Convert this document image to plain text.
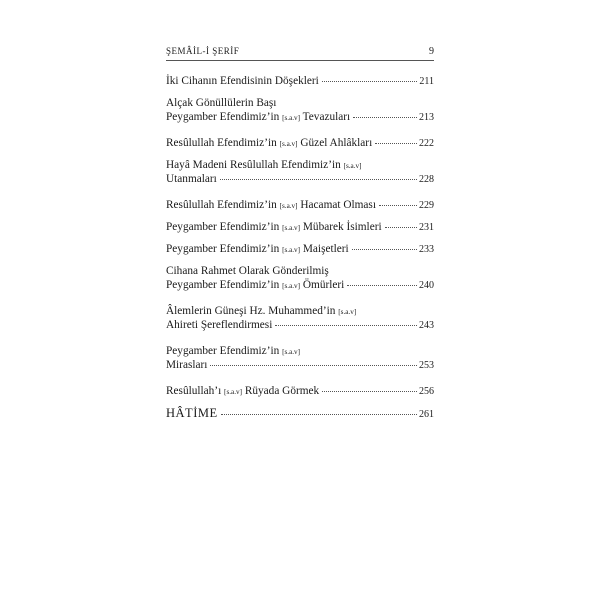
ŞEMÂİL-İ ŞERİF	9
İki Cihanın Efendisinin Döşekleri	211
Alçak Gönüllülerin Başı
Peygamber Efendimiz’in [s.a.v] Tevazuları	213
Resûlullah Efendimiz’in [s.a.v] Güzel Ahlâkları	222
Hayâ Madeni Resûlullah Efendimiz’in [s.a.v]
Utanmaları	228
Resûlullah Efendimiz’in [s.a.v] Hacamat Olması	229
Peygamber Efendimiz’in [s.a.v] Mübarek İsimleri	231
Peygamber Efendimiz’in [s.a.v] Maişetleri	233
Cihana Rahmet Olarak Gönderilmiş
Peygamber Efendimiz’in [s.a.v] Ömürleri	240
Âlemlerin Güneşi Hz. Muhammed’in [s.a.v]
Ahireti Şereflendirmesi	243
Peygamber Efendimiz’in [s.a.v]
Mirasları	253
Resûlullah’ı [s.a.v] Rüyada Görmek	256
HÂTİME	261
